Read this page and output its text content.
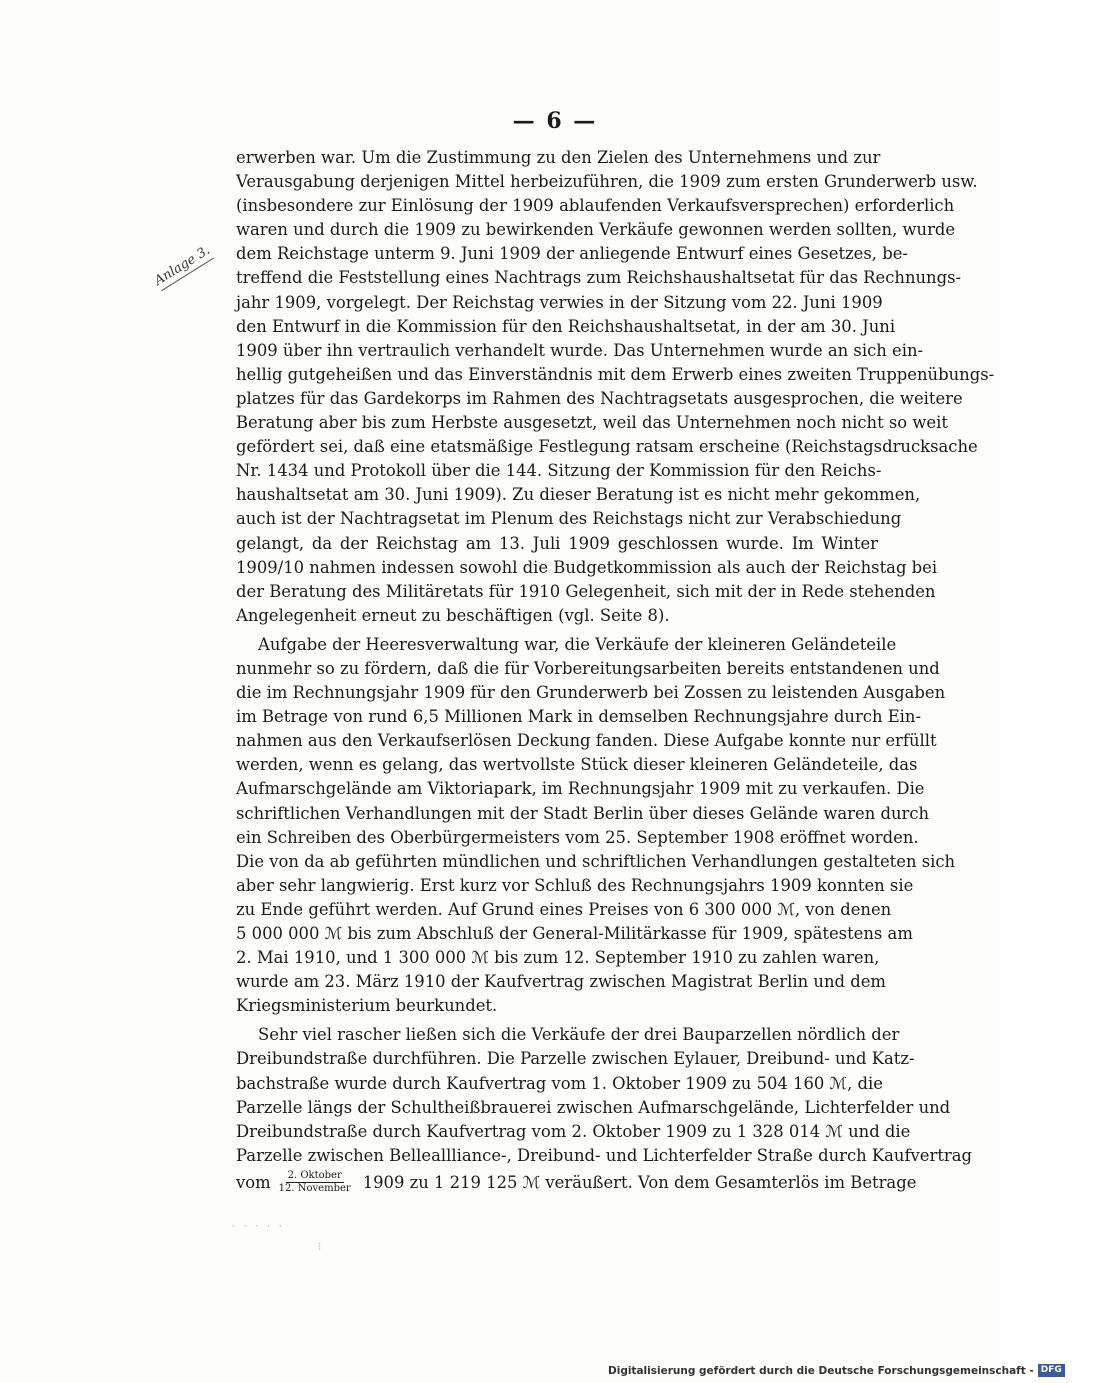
— 6 —
Anlage 3.
erwerben war. Um die Zustimmung zu den Zielen des Unternehmens und zur
Verausgabung derjenigen Mittel herbeizuführen, die 1909 zum ersten Grunderwerb usw.
(insbesondere zur Einlösung der 1909 ablaufenden Verkaufsversprechen) erforderlich
waren und durch die 1909 zu bewirkenden Verkäufe gewonnen werden sollten, wurde
dem Reichstage unterm 9. Juni 1909 der anliegende Entwurf eines Gesetzes, be-
treffend die Feststellung eines Nachtrags zum Reichshaushaltsetat für das Rechnungs-
jahr 1909, vorgelegt. Der Reichstag verwies in der Sitzung vom 22. Juni 1909
den Entwurf in die Kommission für den Reichshaushaltsetat, in der am 30. Juni
1909 über ihn vertraulich verhandelt wurde. Das Unternehmen wurde an sich ein-
hellig gutgeheißen und das Einverständnis mit dem Erwerb eines zweiten Truppenübungs-
platzes für das Gardekorps im Rahmen des Nachtragsetats ausgesprochen, die weitere
Beratung aber bis zum Herbste ausgesetzt, weil das Unternehmen noch nicht so weit
gefördert sei, daß eine etatsmäßige Festlegung ratsam erscheine (Reichstagsdrucksache
Nr. 1434 und Protokoll über die 144. Sitzung der Kommission für den Reichs-
haushaltsetat am 30. Juni 1909). Zu dieser Beratung ist es nicht mehr gekommen,
auch ist der Nachtragsetat im Plenum des Reichstags nicht zur Verabschiedung
gelangt, da der Reichstag am 13. Juli 1909 geschlossen wurde. Im Winter
1909/10 nahmen indessen sowohl die Budgetkommission als auch der Reichstag bei
der Beratung des Militäretats für 1910 Gelegenheit, sich mit der in Rede stehenden
Angelegenheit erneut zu beschäftigen (vgl. Seite 8).
Aufgabe der Heeresverwaltung war, die Verkäufe der kleineren Geländeteile
nunmehr so zu fördern, daß die für Vorbereitungsarbeiten bereits entstandenen und
die im Rechnungsjahr 1909 für den Grunderwerb bei Zossen zu leistenden Ausgaben
im Betrage von rund 6,5 Millionen Mark in demselben Rechnungsjahre durch Ein-
nahmen aus den Verkaufserlösen Deckung fanden. Diese Aufgabe konnte nur erfüllt
werden, wenn es gelang, das wertvollste Stück dieser kleineren Geländeteile, das
Aufmarschgelände am Viktoriapark, im Rechnungsjahr 1909 mit zu verkaufen. Die
schriftlichen Verhandlungen mit der Stadt Berlin über dieses Gelände waren durch
ein Schreiben des Oberbürgermeisters vom 25. September 1908 eröffnet worden.
Die von da ab geführten mündlichen und schriftlichen Verhandlungen gestalteten sich
aber sehr langwierig. Erst kurz vor Schluß des Rechnungsjahrs 1909 konnten sie
zu Ende geführt werden. Auf Grund eines Preises von 6 300 000 ℳ, von denen
5 000 000 ℳ bis zum Abschluß der General-Militärkasse für 1909, spätestens am
2. Mai 1910, und 1 300 000 ℳ bis zum 12. September 1910 zu zahlen waren,
wurde am 23. März 1910 der Kaufvertrag zwischen Magistrat Berlin und dem
Kriegsministerium beurkundet.
Sehr viel rascher ließen sich die Verkäufe der drei Bauparzellen nördlich der
Dreibundstraße durchführen. Die Parzelle zwischen Eylauer, Dreibund- und Katz-
bachstraße wurde durch Kaufvertrag vom 1. Oktober 1909 zu 504 160 ℳ, die
Parzelle längs der Schultheißbrauerei zwischen Aufmarschgelände, Lichterfelder und
Dreibundstraße durch Kaufvertrag vom 2. Oktober 1909 zu 1 328 014 ℳ und die
Parzelle zwischen Belleallliance-, Dreibund- und Lichterfelder Straße durch Kaufvertrag
vom $\frac{\text{2. Oktober}}{\text{12. November}} 1909$ zu 1 219 125 ℳ veräußert. Von dem Gesamterlös im Betrage
· · · · ·
⁝
Digitalisierung gefördert durch die Deutsche Forschungsgemeinschaft - DFG
